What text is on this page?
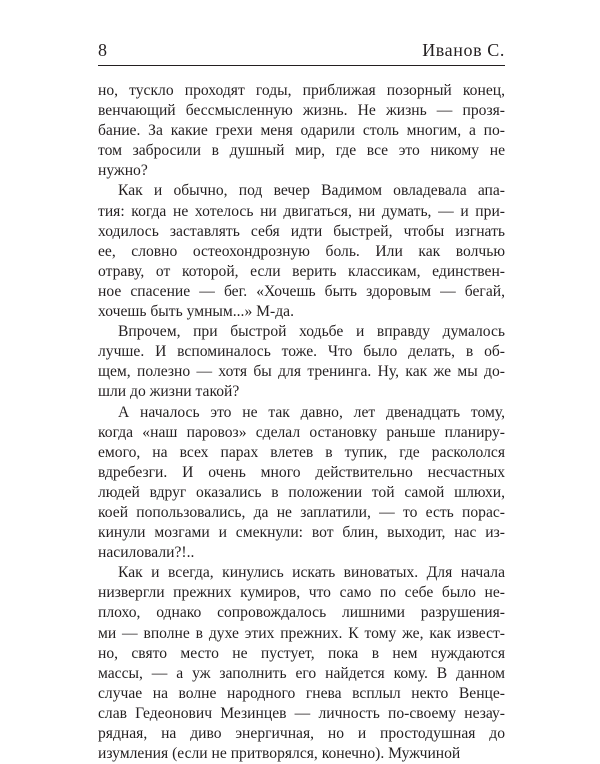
8	Иванов С.
но, тускло проходят годы, приближая позорный конец,
венчающий бессмысленную жизнь. Не жизнь — прозя-
бание. За какие грехи меня одарили столь многим, а по-
том забросили в душный мир, где все это никому не
нужно?
Как и обычно, под вечер Вадимом овладевала апа-
тия: когда не хотелось ни двигаться, ни думать, — и при-
ходилось заставлять себя идти быстрей, чтобы изгнать
ее, словно остеохондрозную боль. Или как волчью
отраву, от которой, если верить классикам, единствен-
ное спасение — бег. «Хочешь быть здоровым — бегай,
хочешь быть умным...» М-да.
Впрочем, при быстрой ходьбе и вправду думалось
лучше. И вспоминалось тоже. Что было делать, в об-
щем, полезно — хотя бы для тренинга. Ну, как же мы до-
шли до жизни такой?
А началось это не так давно, лет двенадцать тому,
когда «наш паровоз» сделал остановку раньше планиру-
емого, на всех парах влетев в тупик, где раскололся
вдребезги. И очень много действительно несчастных
людей вдруг оказались в положении той самой шлюхи,
коей попользовались, да не заплатили, — то есть порас-
кинули мозгами и смекнули: вот блин, выходит, нас из-
насиловали?!..
Как и всегда, кинулись искать виноватых. Для начала
низвергли прежних кумиров, что само по себе было не-
плохо, однако сопровождалось лишними разрушения-
ми — вполне в духе этих прежних. К тому же, как извест-
но, свято место не пустует, пока в нем нуждаются
массы, — а уж заполнить его найдется кому. В данном
случае на волне народного гнева всплыл некто Венце-
слав Гедеонович Мезинцев — личность по-своему незау-
рядная, на диво энергичная, но и простодушная до
изумления (если не притворялся, конечно). Мужчиной
